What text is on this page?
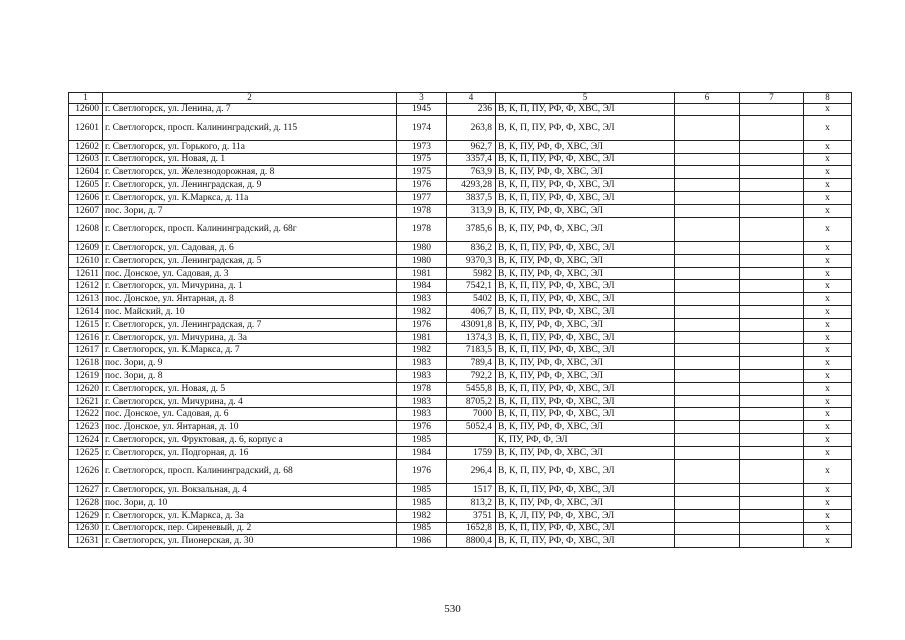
1	2	3	4	5	6	7	8
12600	г. Светлогорск, ул. Ленина, д. 7	1945	236	В, К, П, ПУ, РФ, Ф, ХВС, ЭЛ			х
12601	г. Светлогорск, просп. Калининградский, д. 115	1974	263,8	В, К, П, ПУ, РФ, Ф, ХВС, ЭЛ			х
12602	г. Светлогорск, ул. Горького, д. 11а	1973	962,7	В, К, ПУ, РФ, Ф, ХВС, ЭЛ			х
12603	г. Светлогорск, ул. Новая, д. 1	1975	3357,4	В, К, П, ПУ, РФ, Ф, ХВС, ЭЛ			х
12604	г. Светлогорск, ул. Железнодорожная, д. 8	1975	763,9	В, К, ПУ, РФ, Ф, ХВС, ЭЛ			х
12605	г. Светлогорск, ул. Ленинградская, д. 9	1976	4293,28	В, К, П, ПУ, РФ, Ф, ХВС, ЭЛ			х
12606	г. Светлогорск, ул. К.Маркса, д. 11а	1977	3837,5	В, К, П, ПУ, РФ, Ф, ХВС, ЭЛ			х
12607	пос. Зори, д. 7	1978	313,9	В, К, ПУ, РФ, Ф, ХВС, ЭЛ			х
12608	г. Светлогорск, просп. Калининградский, д. 68г	1978	3785,6	В, К, ПУ, РФ, Ф, ХВС, ЭЛ			х
12609	г. Светлогорск, ул. Садовая, д. 6	1980	836,2	В, К, П, ПУ, РФ, Ф, ХВС, ЭЛ			х
12610	г. Светлогорск, ул. Ленинградская, д. 5	1980	9370,3	В, К, ПУ, РФ, Ф, ХВС, ЭЛ			х
12611	пос. Донское, ул. Садовая, д. 3	1981	5982	В, К, ПУ, РФ, Ф, ХВС, ЭЛ			х
12612	г. Светлогорск, ул. Мичурина, д. 1	1984	7542,1	В, К, П, ПУ, РФ, Ф, ХВС, ЭЛ			х
12613	пос. Донское, ул. Янтарная, д. 8	1983	5402	В, К, П, ПУ, РФ, Ф, ХВС, ЭЛ			х
12614	пос. Майский, д. 10	1982	406,7	В, К, П, ПУ, РФ, Ф, ХВС, ЭЛ			х
12615	г. Светлогорск, ул. Ленинградская, д. 7	1976	43091,8	В, К, ПУ, РФ, Ф, ХВС, ЭЛ			х
12616	г. Светлогорск, ул. Мичурина, д. 3а	1981	1374,3	В, К, П, ПУ, РФ, Ф, ХВС, ЭЛ			х
12617	г. Светлогорск, ул. К.Маркса, д. 7	1982	7183,5	В, К, П, ПУ, РФ, Ф, ХВС, ЭЛ			х
12618	пос. Зори, д. 9	1983	789,4	В, К, ПУ, РФ, Ф, ХВС, ЭЛ			х
12619	пос. Зори, д. 8	1983	792,2	В, К, ПУ, РФ, Ф, ХВС, ЭЛ			х
12620	г. Светлогорск, ул. Новая, д. 5	1978	5455,8	В, К, П, ПУ, РФ, Ф, ХВС, ЭЛ			х
12621	г. Светлогорск, ул. Мичурина, д. 4	1983	8705,2	В, К, П, ПУ, РФ, Ф, ХВС, ЭЛ			х
12622	пос. Донское, ул. Садовая, д. 6	1983	7000	В, К, П, ПУ, РФ, Ф, ХВС, ЭЛ			х
12623	пос. Донское, ул. Янтарная, д. 10	1976	5052,4	В, К, ПУ, РФ, Ф, ХВС, ЭЛ			х
12624	г. Светлогорск, ул. Фруктовая, д. 6, корпус а	1985		К, ПУ, РФ, Ф, ЭЛ			х
12625	г. Светлогорск, ул. Подгорная, д. 16	1984	1759	В, К, ПУ, РФ, Ф, ХВС, ЭЛ			х
12626	г. Светлогорск, просп. Калининградский, д. 68	1976	296,4	В, К, П, ПУ, РФ, Ф, ХВС, ЭЛ			х
12627	г. Светлогорск, ул. Вокзальная, д. 4	1985	1517	В, К, П, ПУ, РФ, Ф, ХВС, ЭЛ			х
12628	пос. Зори, д. 10	1985	813,2	В, К, ПУ, РФ, Ф, ХВС, ЭЛ			х
12629	г. Светлогорск, ул. К.Маркса, д. 3а	1982	3751	В, К, Л, ПУ, РФ, Ф, ХВС, ЭЛ			х
12630	г. Светлогорск, пер. Сиреневый, д. 2	1985	1652,8	В, К, П, ПУ, РФ, Ф, ХВС, ЭЛ			х
12631	г. Светлогорск, ул. Пионерская, д. 30	1986	8800,4	В, К, П, ПУ, РФ, Ф, ХВС, ЭЛ			х
530
